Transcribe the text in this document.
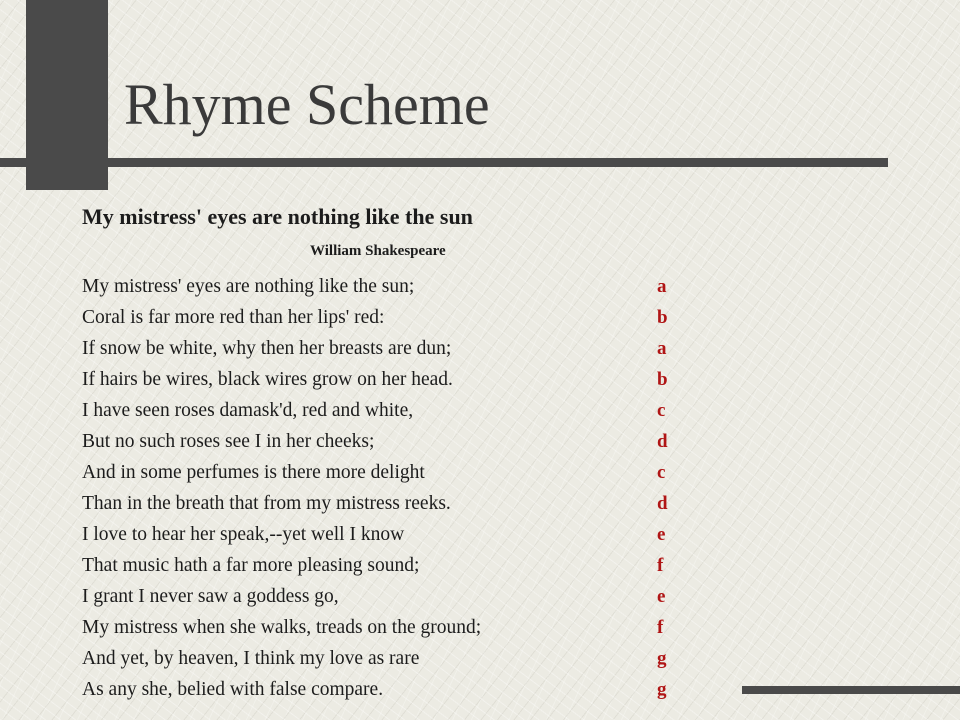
Rhyme Scheme
My mistress' eyes are nothing like the sun

William Shakespeare

My mistress' eyes are nothing like the sun;	a
Coral is far more red than her lips' red:	b
If snow be white, why then her breasts are dun;	a
If hairs be wires, black wires grow on her head.	b
I have seen roses damask'd, red and white,	c
But no such roses see I in her cheeks;	d
And in some perfumes is there more delight	c
Than in the breath that from my mistress reeks.	d
I love to hear her speak,--yet well I know	e
That music hath a far more pleasing sound;	f
I grant I never saw a goddess go,	e
My mistress when she walks, treads on the ground;	f
And yet, by heaven, I think my love as rare	g
As any she, belied with false compare.	g
